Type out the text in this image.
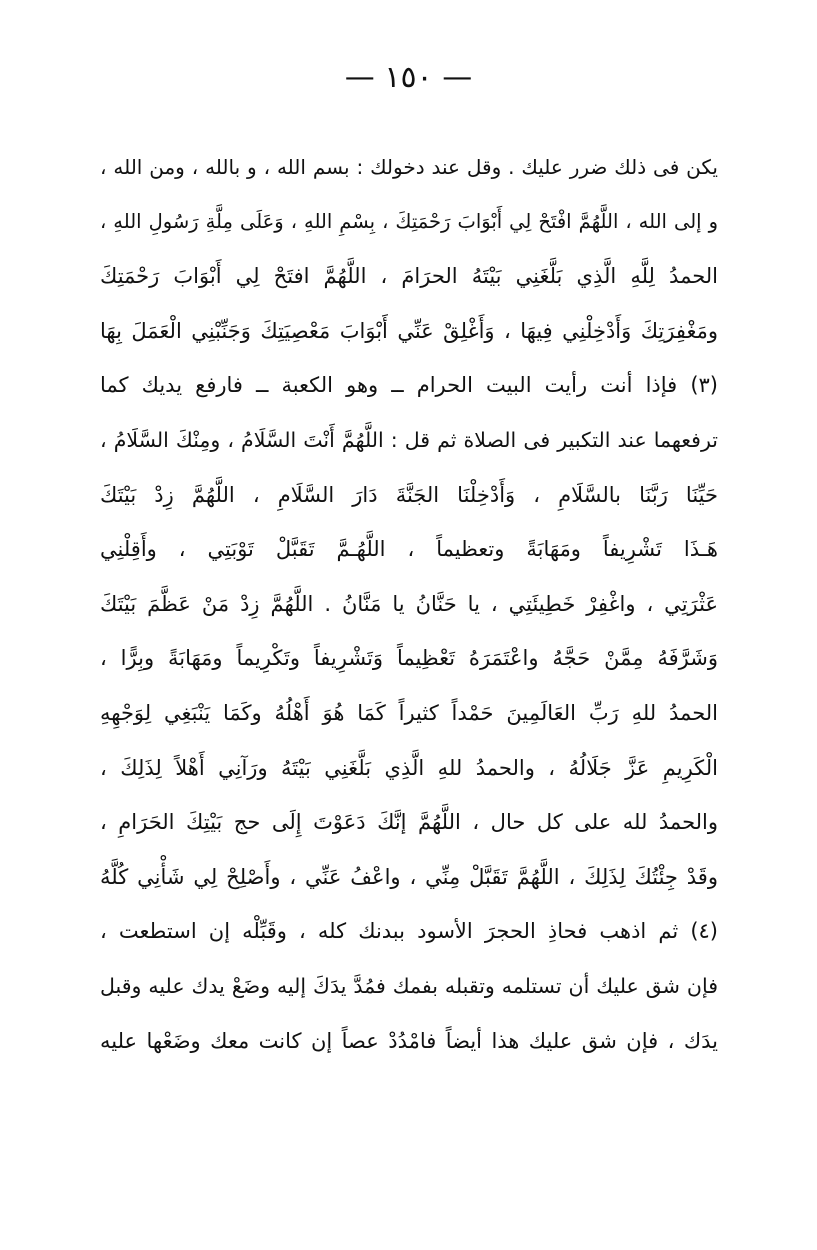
— ١٥٠ —
يكن فى ذلك ضرر عليك . وقل عند دخولك : بسم الله ، و بالله ، ومن الله ،
و إلى الله ، اللَّهُمَّ افْتَحْ لِي أَبْوَابَ رَحْمَتِكَ ، بِسْمِ اللهِ ، وَعَلَى مِلَّةِ رَسُولِ اللهِ ،
الحمدُ لِلَّهِ الَّذِي بَلَّغَنِي بَيْتَهُ الحرَامَ ، اللَّهُمَّ افتَحْ لِي أَبْوَابَ رَحْمَتِكَ
ومَغْفِرَتِكَ وَأَدْخِلْنِي فِيهَا ، وَأَغْلِقْ عَنِّي أَبْوَابَ مَعْصِيَتِكَ وَجَنِّبْنِي الْعَمَلَ بِهَا
(٣) فإذا أنت رأيت البيت الحرام ــ وهو الكعبة ــ فارفع يديك كما
ترفعهما عند التكبير فى الصلاة ثم قل : اللَّهُمَّ أَنْتَ السَّلَامُ ، ومِنْكَ السَّلَامُ ،
حَيِّنَا رَبَّنَا بالسَّلَامِ ، وَأَدْخِلْنَا الجَنَّةَ دَارَ السَّلَامِ ، اللَّهُمَّ زِدْ بَيْتَكَ
هَـذَا تَشْرِيفاً ومَهَابَةً وتعظيماً ، اللَّهُـمَّ تَقَبَّلْ تَوْبَتِي ، وأَقِلْنِي
عَثْرَتِي ، واغْفِرْ خَطِيئَتِي ، يا حَنَّانُ يا مَنَّانُ . اللَّهُمَّ زِدْ مَنْ عَظَّمَ بَيْتَكَ
وَشَرَّفَهُ مِمَّنْ حَجَّهُ واعْتَمَرَهُ تَعْظِيماً وَتَشْرِيفاً وتَكْرِيماً ومَهَابَةً وبِرًّا ،
الحمدُ للهِ رَبِّ العَالَمِينَ حَمْداً كثيراً كَمَا هُوَ أَهْلُهُ وكَمَا يَنْبَغِي لِوَجْهِهِ
الْكَرِيمِ عَزَّ جَلَالُهُ ، والحمدُ للهِ الَّذِي بَلَّغَنِي بَيْتَهُ ورَآنِي أَهْلاً لِذَلِكَ ،
والحمدُ لله على كل حال ، اللَّهُمَّ إنَّكَ دَعَوْتَ إِلَى حج بَيْتِكَ الحَرَامِ ،
وقَدْ جِئْتُكَ لِذَلِكَ ، اللَّهُمَّ تَقَبَّلْ مِنِّي ، واعْفُ عَنِّي ، وأَصْلِحْ لِي شَأْنِي كُلَّهُ
(٤) ثم اذهب فحاذِ الحجرَ الأسود ببدنك كله ، وقَبِّلْه إن استطعت ،
فإن شق عليك أن تستلمه وتقبله بفمك فمُدَّ يدَكَ إليه وضَعْ يدك عليه وقبل
يدَك ، فإن شق عليك هذا أيضاً فامْدُدْ عصاً إن كانت معك وضَعْها عليه
